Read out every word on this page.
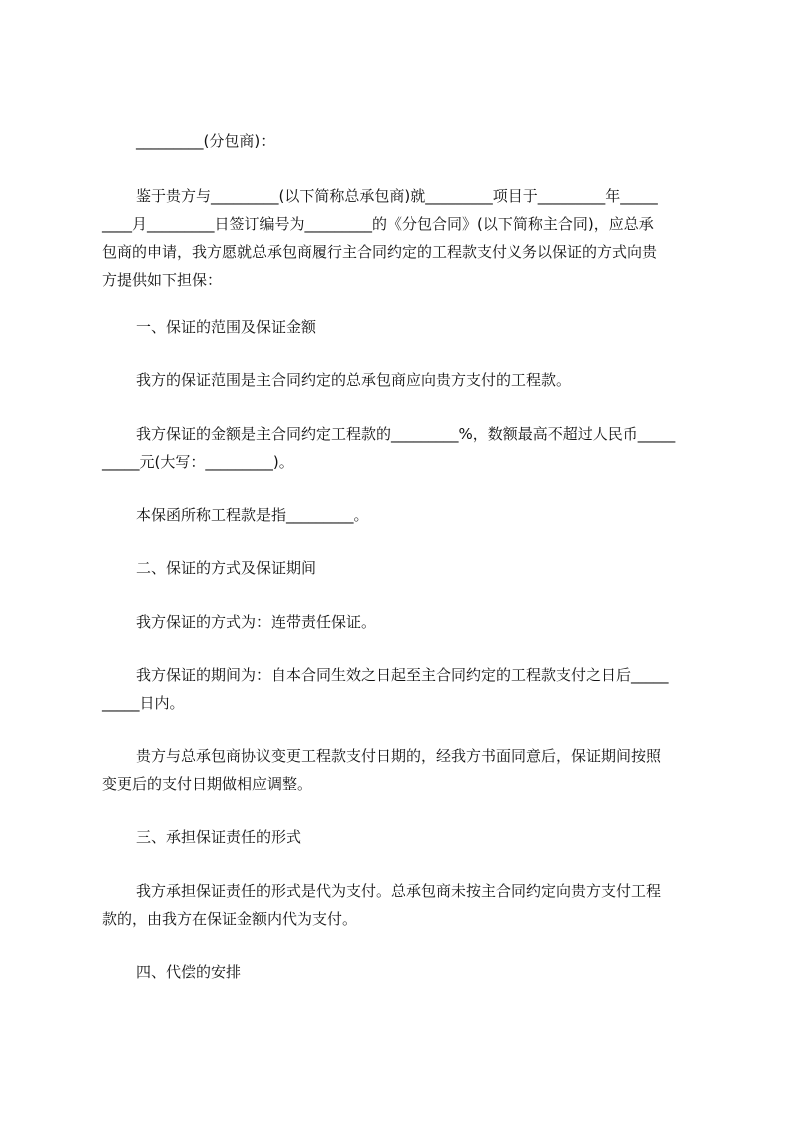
_________(分包商)：
鉴于贵方与_________(以下简称总承包商)就_________项目于_________年_____
____月_________日签订编号为_________的《分包合同》(以下简称主合同)，应总承
包商的申请，我方愿就总承包商履行主合同约定的工程款支付义务以保证的方式向贵
方提供如下担保：
一、保证的范围及保证金额
我方的保证范围是主合同约定的总承包商应向贵方支付的工程款。
我方保证的金额是主合同约定工程款的_________%，数额最高不超过人民币_____
_____元(大写：_________)。
本保函所称工程款是指_________。
二、保证的方式及保证期间
我方保证的方式为：连带责任保证。
我方保证的期间为：自本合同生效之日起至主合同约定的工程款支付之日后_____
_____日内。
贵方与总承包商协议变更工程款支付日期的，经我方书面同意后，保证期间按照
变更后的支付日期做相应调整。
三、承担保证责任的形式
我方承担保证责任的形式是代为支付。总承包商未按主合同约定向贵方支付工程
款的，由我方在保证金额内代为支付。
四、代偿的安排
